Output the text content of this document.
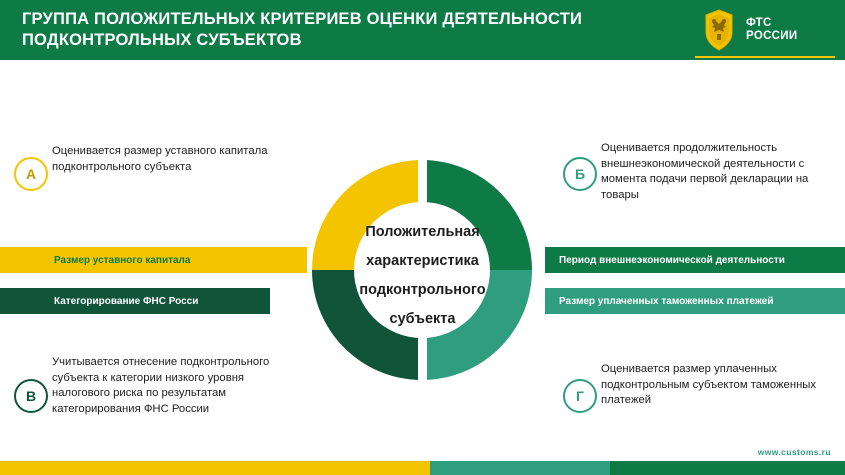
ГРУППА ПОЛОЖИТЕЛЬНЫХ КРИТЕРИЕВ ОЦЕНКИ ДЕЯТЕЛЬНОСТИ ПОДКОНТРОЛЬНЫХ СУБЪЕКТОВ
ФТС
РОССИИ
Положительная
характеристика
подконтрольного
субъекта
Размер уставного капитала
Категорирование ФНС Росси
Период внешнеэкономической деятельности
Размер уплаченных таможенных платежей
А	Б
В	Г
Оценивается размер уставного капитала подконтрольного субъекта
Оценивается продолжительность внешнеэкономической деятельности с момента подачи первой декларации на товары
Учитывается отнесение подконтрольного субъекта к категории низкого уровня налогового риска по результатам категорирования ФНС России
Оценивается размер уплаченных подконтрольным субъектом таможенных платежей
www.customs.ru
